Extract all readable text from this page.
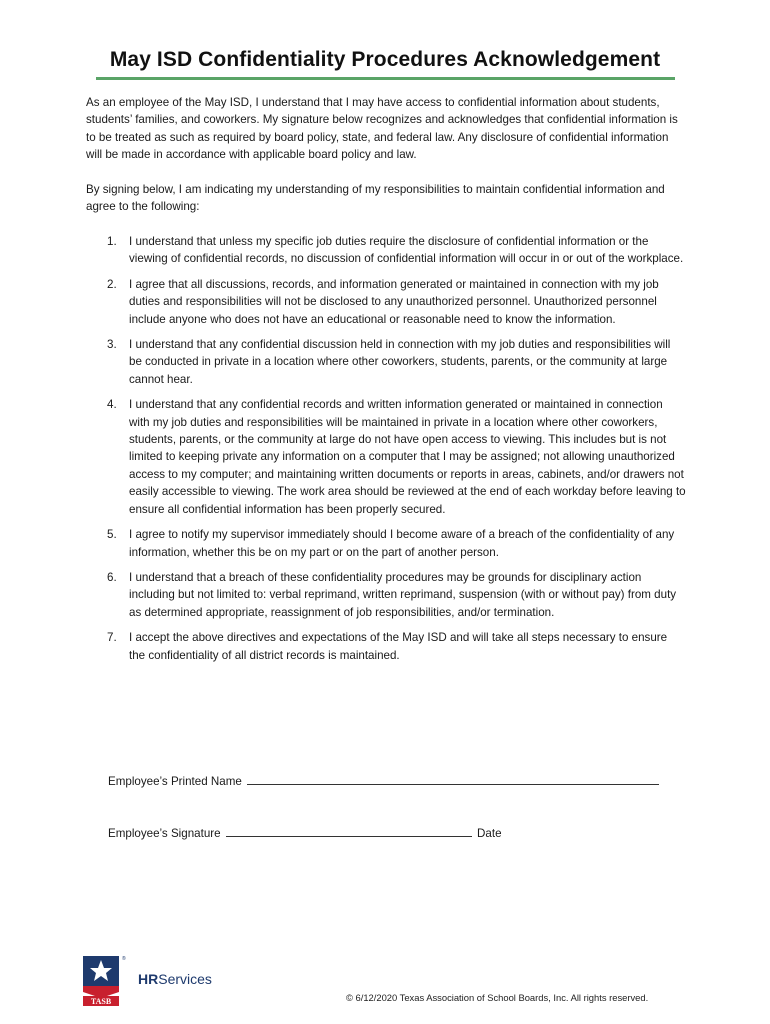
May ISD Confidentiality Procedures Acknowledgement

As an employee of the May ISD, I understand that I may have access to confidential information about students, students’ families, and coworkers. My signature below recognizes and acknowledges that confidential information is to be treated as such as required by board policy, state, and federal law. Any disclosure of confidential information will be made in accordance with applicable board policy and law.

By signing below, I am indicating my understanding of my responsibilities to maintain confidential information and agree to the following:

1. I understand that unless my specific job duties require the disclosure of confidential information or the viewing of confidential records, no discussion of confidential information will occur in or out of the workplace.
2. I agree that all discussions, records, and information generated or maintained in connection with my job duties and responsibilities will not be disclosed to any unauthorized personnel. Unauthorized personnel include anyone who does not have an educational or reasonable need to know the information.
3. I understand that any confidential discussion held in connection with my job duties and responsibilities will be conducted in private in a location where other coworkers, students, parents, or the community at large cannot hear.
4. I understand that any confidential records and written information generated or maintained in connection with my job duties and responsibilities will be maintained in private in a location where other coworkers, students, parents, or the community at large do not have open access to viewing. This includes but is not limited to keeping private any information on a computer that I may be assigned; not allowing unauthorized access to my computer; and maintaining written documents or reports in areas, cabinets, and/or drawers not easily accessible to viewing. The work area should be reviewed at the end of each workday before leaving to ensure all confidential information has been properly secured.
5. I agree to notify my supervisor immediately should I become aware of a breach of the confidentiality of any information, whether this be on my part or on the part of another person.
6. I understand that a breach of these confidentiality procedures may be grounds for disciplinary action including but not limited to: verbal reprimand, written reprimand, suspension (with or without pay) from duty as determined appropriate, reassignment of job responsibilities, and/or termination.
7. I accept the above directives and expectations of the May ISD and will take all steps necessary to ensure the confidentiality of all district records is maintained.
Employee’s Printed Name
Employee’s Signature	Date
TASB
®
HRServices
© 6/12/2020 Texas Association of School Boards, Inc. All rights reserved.
